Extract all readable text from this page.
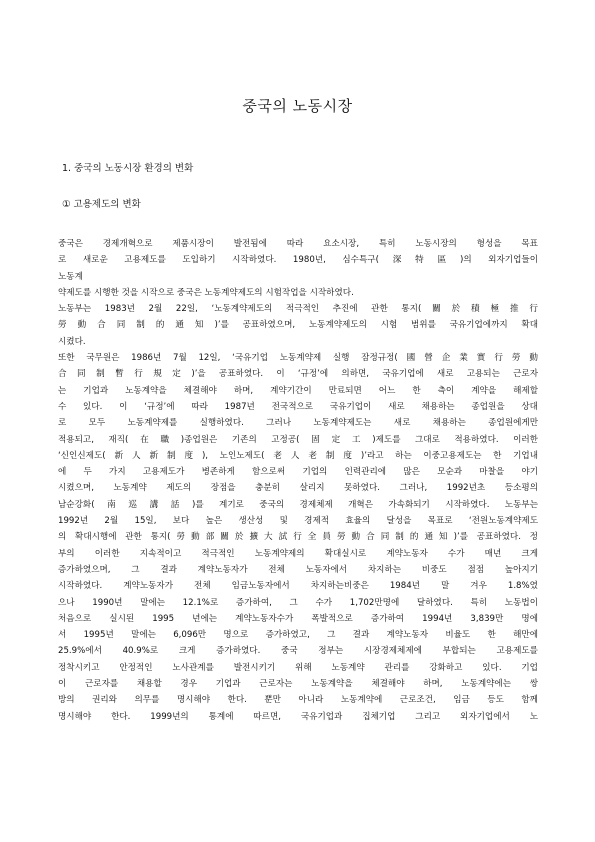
중국의 노동시장
1. 중국의 노동시장 환경의 변화
① 고용제도의 변화
중국은 경제개혁으로 제품시장이 발전됨에 따라 요소시장, 특히 노동시장의 형성을 목표
로 새로운 고용제도를 도입하기 시작하였다. 1980년, 심수특구(深特區)의 외자기업들이
노동계
약제도를 시행한 것을 시작으로 중국은 노동계약제도의 시험작업을 시작하였다.
노동부는 1983년 2월 22일, ‘노동계약제도의 적극적인 추진에 관한 통지(關於積極推行
勞動合同制的通知)’를 공표하였으며, 노동계약제도의 시험 범위를 국유기업에까지 확대
시켰다.
또한 국무원은 1986년 7월 12일, ‘국유기업 노동계약제 실행 잠정규정(國營企業實行勞動
合同制暫行規定)’을 공표하였다. 이 ‘규정’에 의하면, 국유기업에 새로 고용되는 근로자
는 기업과 노동계약을 체결해야 하며, 계약기간이 만료되면 어느 한 측이 계약을 해제할
수 있다. 이 ‘규정’에 따라 1987년 전국적으로 국유기업이 새로 채용하는 종업원을 상대
로 모두 노동계약제를 실행하였다. 그러나 노동계약제도는 새로 채용하는 종업원에게만
적용되고, 재직(在職)종업원은 기존의 고정공(固定工)제도를 그대로 적용하였다. 이러한
‘신인신제도(新人新制度), 노인노제도(老人老制度)’라고 하는 이중고용제도는 한 기업내
에 두 가지 고용제도가 병존하게 함으로써 기업의 인력관리에 많은 모순과 마찰을 야기
시켰으며, 노동계약 제도의 장점을 충분히 살리지 못하였다. 그러나, 1992년초 등소평의
남순강화(南巡講話)를 계기로 중국의 경제체제 개혁은 가속화되기 시작하였다. 노동부는
1992년 2월 15일, 보다 높은 생산성 및 경제적 효율의 달성을 목표로 ‘전원노동계약제도
의 확대시행에 관한 통지(勞動部關於擴大試行全員勞動合同制的通知)’를 공표하였다. 정
부의 이러한 지속적이고 적극적인 노동계약제의 확대실시로 계약노동자 수가 매년 크게
증가하였으며, 그 결과 계약노동자가 전체 노동자에서 차지하는 비중도 점점 높아지기
시작하였다. 계약노동자가 전체 임금노동자에서 차지하는비중은 1984년 말 겨우 1.8%였
으나 1990년 말에는 12.1%로 증가하여, 그 수가 1,702만명에 달하였다. 특히 노동법이
처음으로 실시된 1995 년에는 계약노동자수가 폭발적으로 증가하여 1994년 3,839만 명에
서 1995년 말에는 6,096만 명으로 증가하였고, 그 결과 계약노동자 비율도 한 해만에
25.9%에서 40.9%로 크게 증가하였다. 중국 정부는 시장경제체제에 부합되는 고용제도를
정착시키고 안정적인 노사관계를 발전시키기 위해 노동계약 관리를 강화하고 있다. 기업
이 근로자를 채용할 경우 기업과 근로자는 노동계약을 체결해야 하며, 노동계약에는 쌍
방의 권리와 의무를 명시해야 한다. 뿐만 아니라 노동계약에 근로조건, 임금 등도 함께
명시해야 한다. 1999년의 통계에 따르면, 국유기업과 집체기업 그리고 외자기업에서 노
